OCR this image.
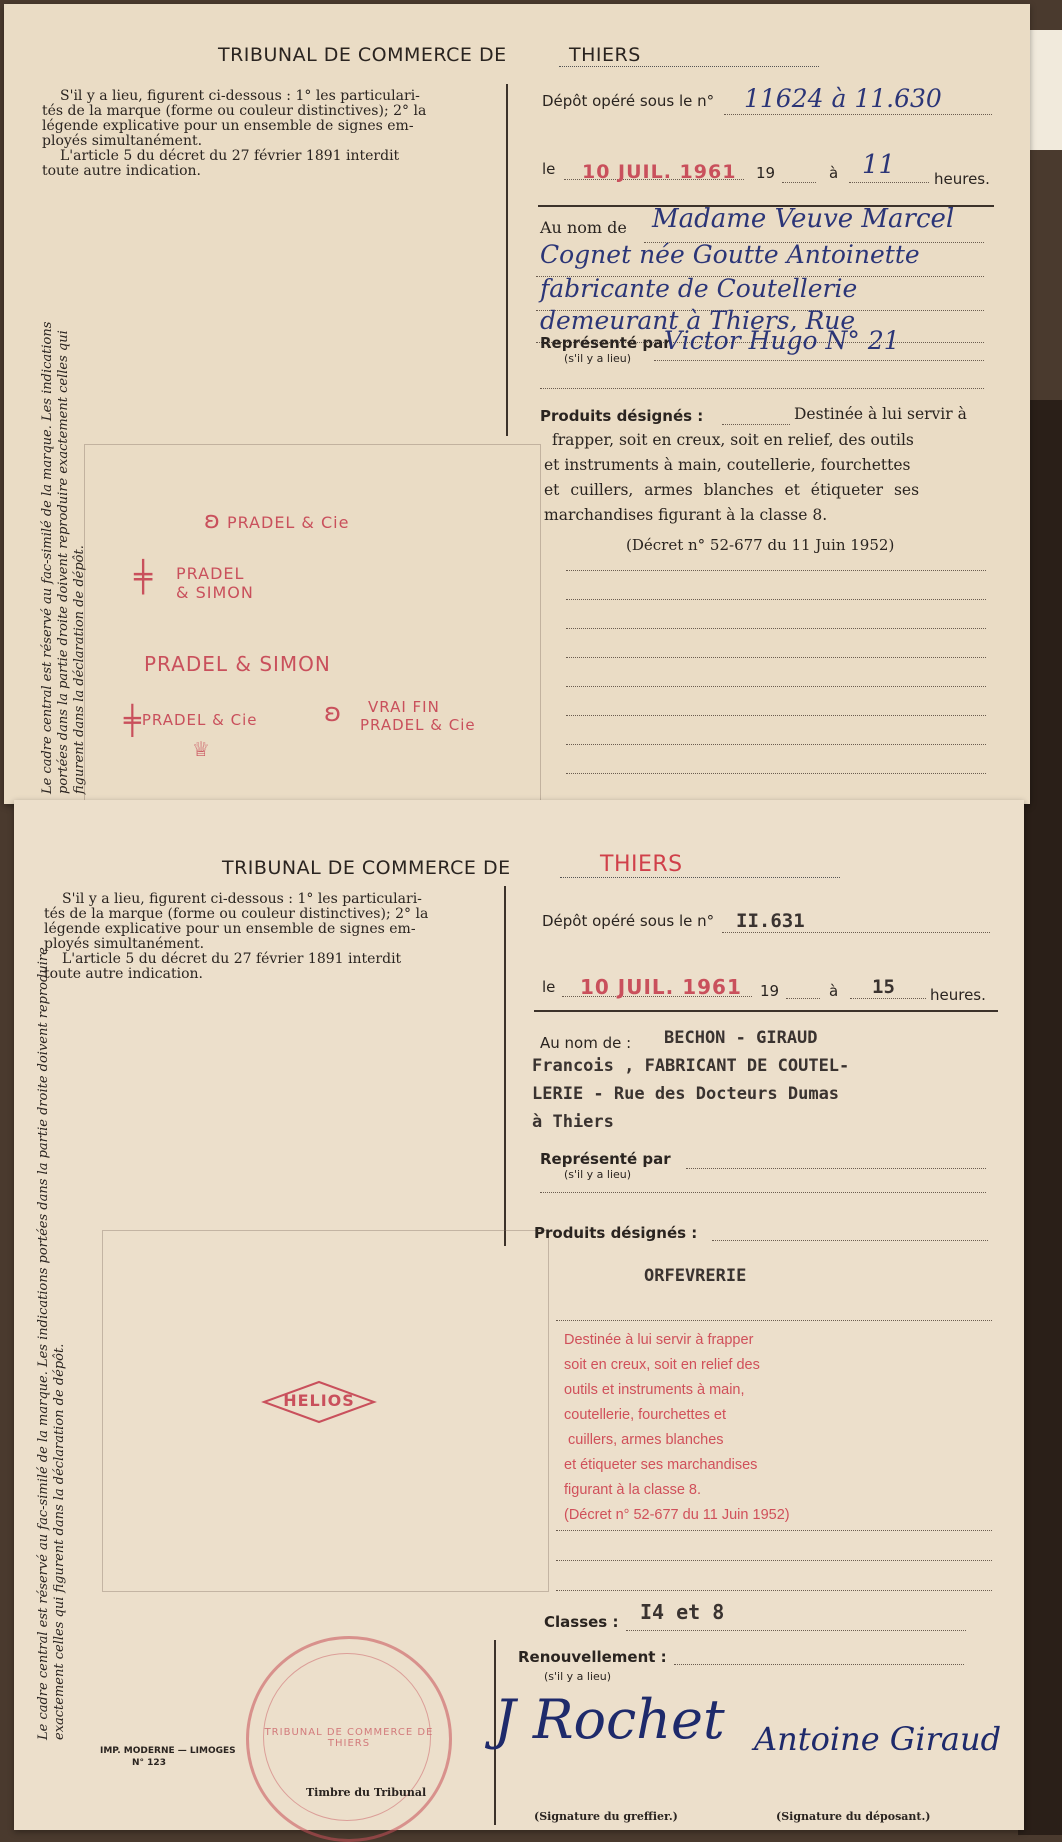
TRIBUNAL DE COMMERCE DE	THIERS
S'il y a lieu, figurent ci-dessous : 1° les particulari-
tés de la marque (forme ou couleur distinctives); 2° la
légende explicative pour un ensemble de signes em-
ployés simultanément.
L'article 5 du décret du 27 février 1891 interdit
toute autre indication.
Le cadre central est réservé au fac-similé de la marque. Les indications portées dans la partie droite doivent reproduire exactement celles qui figurent dans la déclaration de dépôt.
Dépôt opéré sous le n° 11624 à 11.630
le 10 JUIL. 1961 19	à 11	heures.
Au nom de Madame Veuve Marcel
Cognet née Goutte Antoinette
fabricante de Coutellerie
demeurant à Thiers, Rue
Représenté par
(s'il y a lieu)
Victor Hugo N° 21
Produits désignés :	Destinée à lui servir à
frapper, soit en creux, soit en relief, des outils
et instruments à main, coutellerie, fourchettes
et cuillers, armes blanches et étiqueter ses
marchandises figurant à la classe 8.
(Décret n° 52-677 du 11 Juin 1952)
ʚPRADEL & Cie
╪ PRADEL
& SIMON
PRADEL & SIMON
╪PRADEL & Cie
♕
ʚ VRAI FIN
PRADEL & Cie
TRIBUNAL DE COMMERCE DE	THIERS
S'il y a lieu, figurent ci-dessous : 1° les particulari-
tés de la marque (forme ou couleur distinctives); 2° la
légende explicative pour un ensemble de signes em-
ployés simultanément.
L'article 5 du décret du 27 février 1891 interdit
toute autre indication.
Le cadre central est réservé au fac-similé de la marque. Les indications portées dans la partie droite doivent reproduire exactement celles qui figurent dans la déclaration de dépôt.
Dépôt opéré sous le n° II.631
le 10 JUIL. 1961 19	à 15 heures.
Au nom de : BECHON - GIRAUD
Francois , FABRICANT DE COUTEL-
LERIE - Rue des Docteurs Dumas
à Thiers
Représenté par
(s'il y a lieu)
Produits désignés :
ORFEVRERIE
Destinée à lui servir à frapper
soit en creux, soit en relief des
outils et instruments à main,
coutellerie, fourchettes et
cuillers, armes blanches
et étiqueter ses marchandises
figurant à la classe 8.
(Décret n° 52-677 du 11 Juin 1952)
HELIOS
Classes : I4 et 8
Renouvellement :
(s'il y a lieu)
TRIBUNAL DE COMMERCE DE THIERS
IMP. MODERNE — LIMOGES
N° 123
Timbre du Tribunal
(Signature du greffier.)	(Signature du déposant.)
J Rochet Antoine Giraud
